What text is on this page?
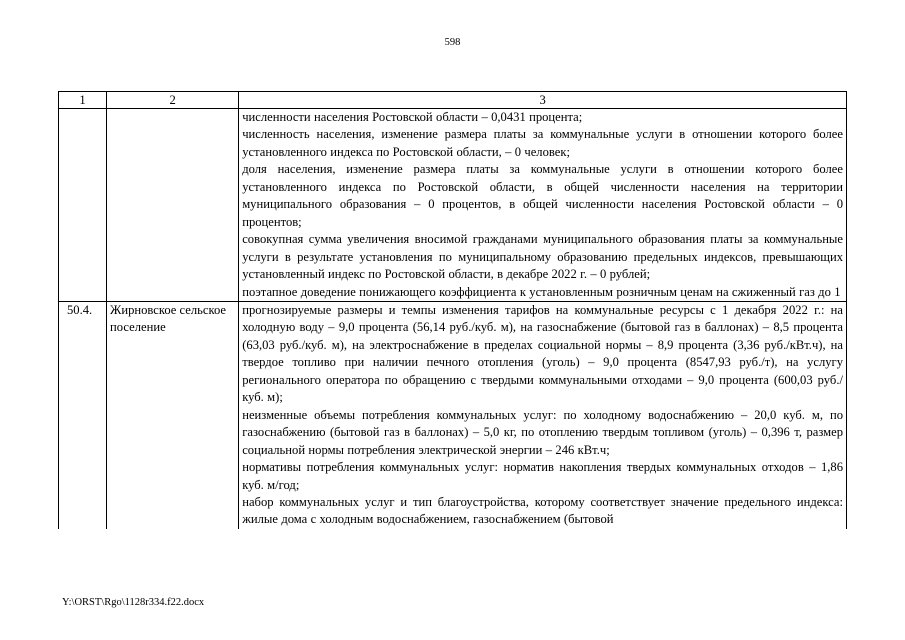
598
1	2	3

		численности населения Ростовской области – 0,0431 процента;
численность населения, изменение размера платы за коммунальные услуги в отношении которого более установленного индекса по Ростовской области, – 0 человек;
доля населения, изменение размера платы за коммунальные услуги в отношении которого более установленного индекса по Ростовской области, в общей численности населения на территории муниципального образования – 0 процентов, в общей численности населения Ростовской области – 0 процентов;
совокупная сумма увеличения вносимой гражданами муниципального образования платы за коммунальные услуги в результате установления по муниципальному образованию предельных индексов, превышающих установленный индекс по Ростовской области, в декабре 2022 г. – 0 рублей;
поэтапное доведение понижающего коэффициента к установленным розничным ценам на сжиженный газ до 1

50.4.	Жирновское сельское поселение	прогнозируемые размеры и темпы изменения тарифов на коммунальные ресурсы с 1 декабря 2022 г.: на холодную воду – 9,0 процента (56,14 руб./куб. м), на газоснабжение (бытовой газ в баллонах) – 8,5 процента (63,03 руб./куб. м), на электроснабжение в пределах социальной нормы – 8,9 процента (3,36 руб./кВт.ч), на твердое топливо при наличии печного отопления (уголь) – 9,0 процента (8547,93 руб./т), на услугу регионального оператора по обращению с твердыми коммунальными отходами – 9,0 процента (600,03 руб./куб. м);
неизменные объемы потребления коммунальных услуг: по холодному водоснабжению – 20,0 куб. м, по газоснабжению (бытовой газ в баллонах) – 5,0 кг, по отоплению твердым топливом (уголь) – 0,396 т, размер социальной нормы потребления электрической энергии – 246 кВт.ч;
нормативы потребления коммунальных услуг: норматив накопления твердых коммунальных отходов – 1,86 куб. м/год;
набор коммунальных услуг и тип благоустройства, которому соответствует значение предельного индекса: жилые дома с холодным водоснабжением, газоснабжением (бытовой
Y:\ORST\Rgo\1128r334.f22.docx
